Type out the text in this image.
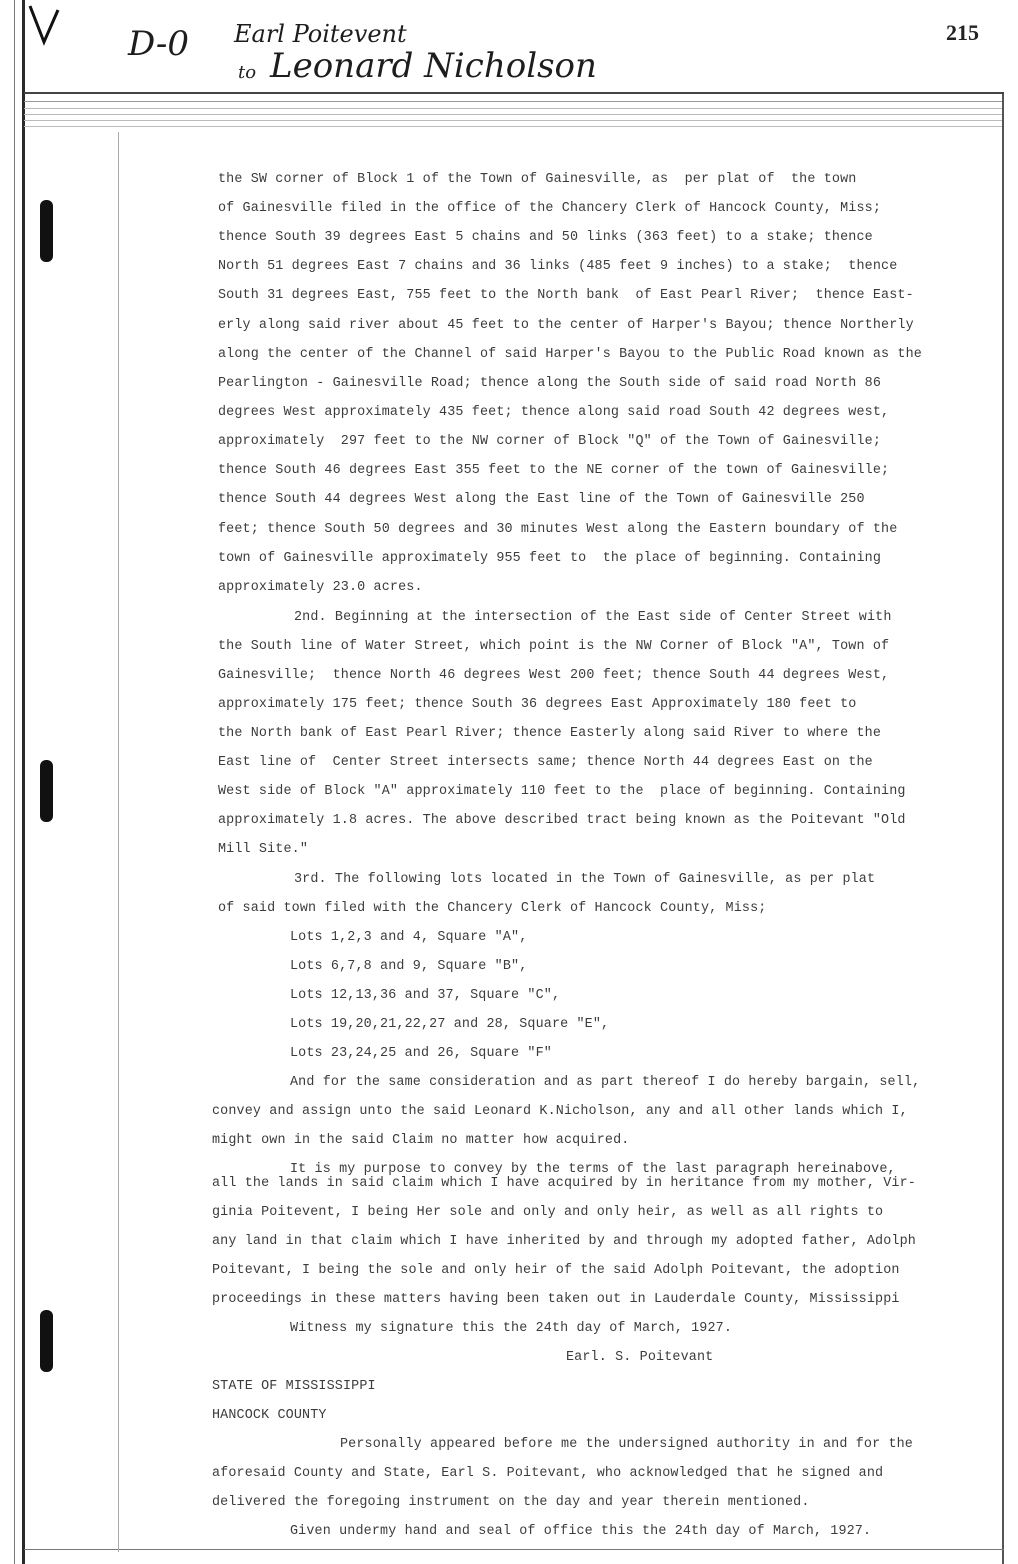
D-0 Earl Poitevent
to Leonard Nicholson
215
the SW corner of Block 1 of the Town of Gainesville, as  per plat of  the town
of Gainesville filed in the office of the Chancery Clerk of Hancock County, Miss;
thence South 39 degrees East 5 chains and 50 links (363 feet) to a stake; thence
North 51 degrees East 7 chains and 36 links (485 feet 9 inches) to a stake;  thence
South 31 degrees East, 755 feet to the North bank  of East Pearl River;  thence East-
erly along said river about 45 feet to the center of Harper's Bayou; thence Northerly
along the center of the Channel of said Harper's Bayou to the Public Road known as the
Pearlington - Gainesville Road; thence along the South side of said road North 86
degrees West approximately 435 feet; thence along said road South 42 degrees west,
approximately  297 feet to the NW corner of Block "Q" of the Town of Gainesville;
thence South 46 degrees East 355 feet to the NE corner of the town of Gainesville;
thence South 44 degrees West along the East line of the Town of Gainesville 250
feet; thence South 50 degrees and 30 minutes West along the Eastern boundary of the
town of Gainesville approximately 955 feet to  the place of beginning. Containing
approximately 23.0 acres.
2nd. Beginning at the intersection of the East side of Center Street with
the South line of Water Street, which point is the NW Corner of Block "A", Town of
Gainesville;  thence North 46 degrees West 200 feet; thence South 44 degrees West,
approximately 175 feet; thence South 36 degrees East Approximately 180 feet to
the North bank of East Pearl River; thence Easterly along said River to where the
East line of  Center Street intersects same; thence North 44 degrees East on the
West side of Block "A" approximately 110 feet to the  place of beginning. Containing
approximately 1.8 acres. The above described tract being known as the Poitevant "Old
Mill Site."
3rd. The following lots located in the Town of Gainesville, as per plat
of said town filed with the Chancery Clerk of Hancock County, Miss;
Lots 1,2,3 and 4, Square "A",
Lots 6,7,8 and 9, Square "B",
Lots 12,13,36 and 37, Square "C",
Lots 19,20,21,22,27 and 28, Square "E",
Lots 23,24,25 and 26, Square "F"
And for the same consideration and as part thereof I do hereby bargain, sell,
convey and assign unto the said Leonard K.Nicholson, any and all other lands which I,
might own in the said Claim no matter how acquired.
It is my purpose to convey by the terms of the last paragraph hereinabove,
all the lands in said claim which I have acquired by in heritance from my mother, Vir-
ginia Poitevent, I being Her sole and only and only heir, as well as all rights to
any land in that claim which I have inherited by and through my adopted father, Adolph
Poitevant, I being the sole and only heir of the said Adolph Poitevant, the adoption
proceedings in these matters having been taken out in Lauderdale County, Mississippi
Witness my signature this the 24th day of March, 1927.
Earl. S. Poitevant
STATE OF MISSISSIPPI
HANCOCK COUNTY
Personally appeared before me the undersigned authority in and for the
aforesaid County and State, Earl S. Poitevant, who acknowledged that he signed and
delivered the foregoing instrument on the day and year therein mentioned.
Given undermy hand and seal of office this the 24th day of March, 1927.
